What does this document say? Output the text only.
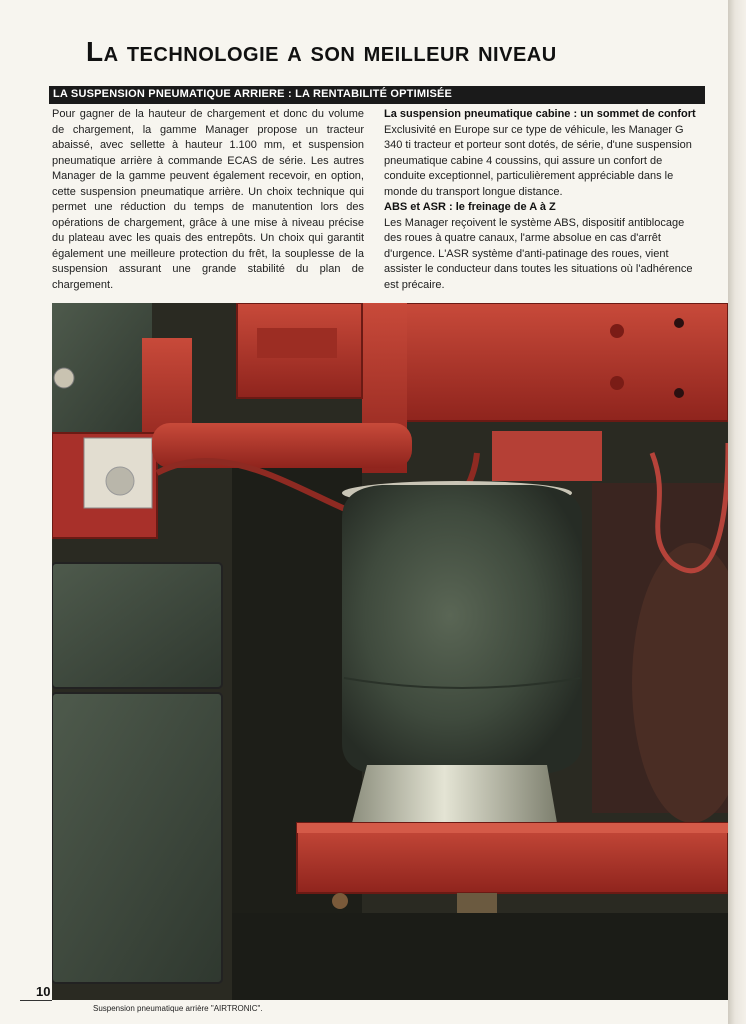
La technologie a son meilleur niveau
LA SUSPENSION PNEUMATIQUE ARRIERE : LA RENTABILITÉ OPTIMISÉE

Pour gagner de la hauteur de chargement et donc du volume de chargement, la gamme Manager propose un tracteur abaissé, avec sellette à hauteur 1.100 mm, et suspension pneumatique arrière à commande ECAS de série. Les autres Manager de la gamme peuvent également recevoir, en option, cette suspension pneumatique arrière. Un choix technique qui permet une réduction du temps de manutention lors des opérations de chargement, grâce à une mise à niveau précise du plateau avec les quais des entrepôts. Un choix qui garantit également une meilleure protection du frêt, la souplesse de la suspension assurant une grande stabilité du plan de chargement.

La suspension pneumatique cabine : un sommet de confort

Exclusivité en Europe sur ce type de véhicule, les Manager G 340 ti tracteur et porteur sont dotés, de série, d'une suspension pneumatique cabine 4 coussins, qui assure un confort de conduite exceptionnel, particulièrement appréciable dans le monde du transport longue distance.

ABS et ASR : le freinage de A à Z

Les Manager reçoivent le système ABS, dispositif antiblocage des roues à quatre canaux, l'arme absolue en cas d'arrêt d'urgence. L'ASR système d'anti-patinage des roues, vient assister le conducteur dans toutes les situations où l'adhérence est précaire.

10
Suspension pneumatique arrière "AIRTRONIC".
